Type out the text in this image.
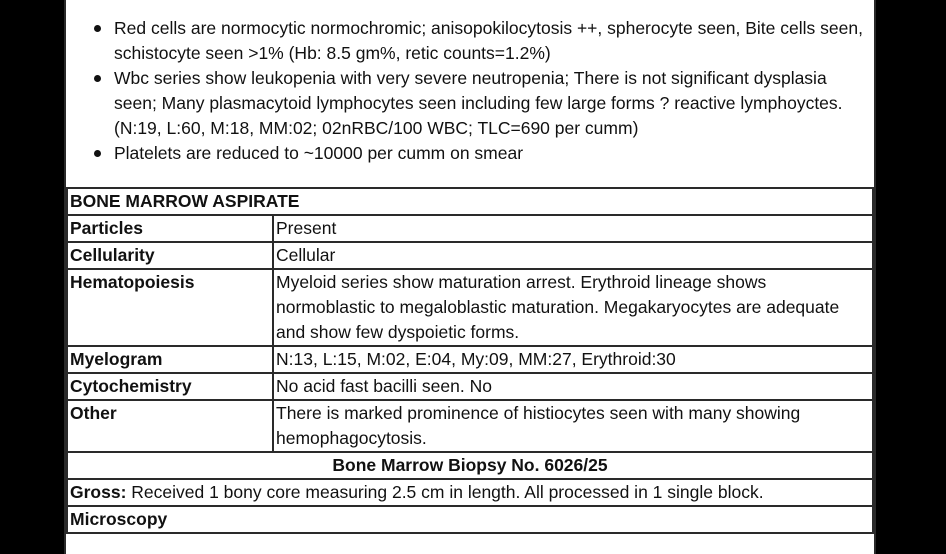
Red cells are normocytic normochromic; anisopokilocytosis ++, spherocyte seen, Bite cells seen, schistocyte seen >1% (Hb: 8.5 gm%, retic counts=1.2%)
Wbc series show leukopenia with very severe neutropenia; There is not significant dysplasia seen; Many plasmacytoid lymphocytes seen including few large forms ? reactive lymphoyctes. (N:19, L:60, M:18, MM:02; 02nRBC/100 WBC; TLC=690 per cumm)
Platelets are reduced to ~10000 per cumm on smear
BONE MARROW ASPIRATE	
Particles	Present
Cellularity	Cellular
Hematopoiesis	Myeloid series show maturation arrest. Erythroid lineage shows normoblastic to megaloblastic maturation. Megakaryocytes are adequate and show few dyspoietic forms.
Myelogram	N:13, L:15, M:02, E:04, My:09, MM:27, Erythroid:30
Cytochemistry	No acid fast bacilli seen. No
Other	There is marked prominence of histiocytes seen with many showing hemophagocytosis.
Bone Marrow Biopsy No. 6026/25	
Gross: Received 1 bony core measuring 2.5 cm in length. All processed in 1 single block.	
Microscopy	
